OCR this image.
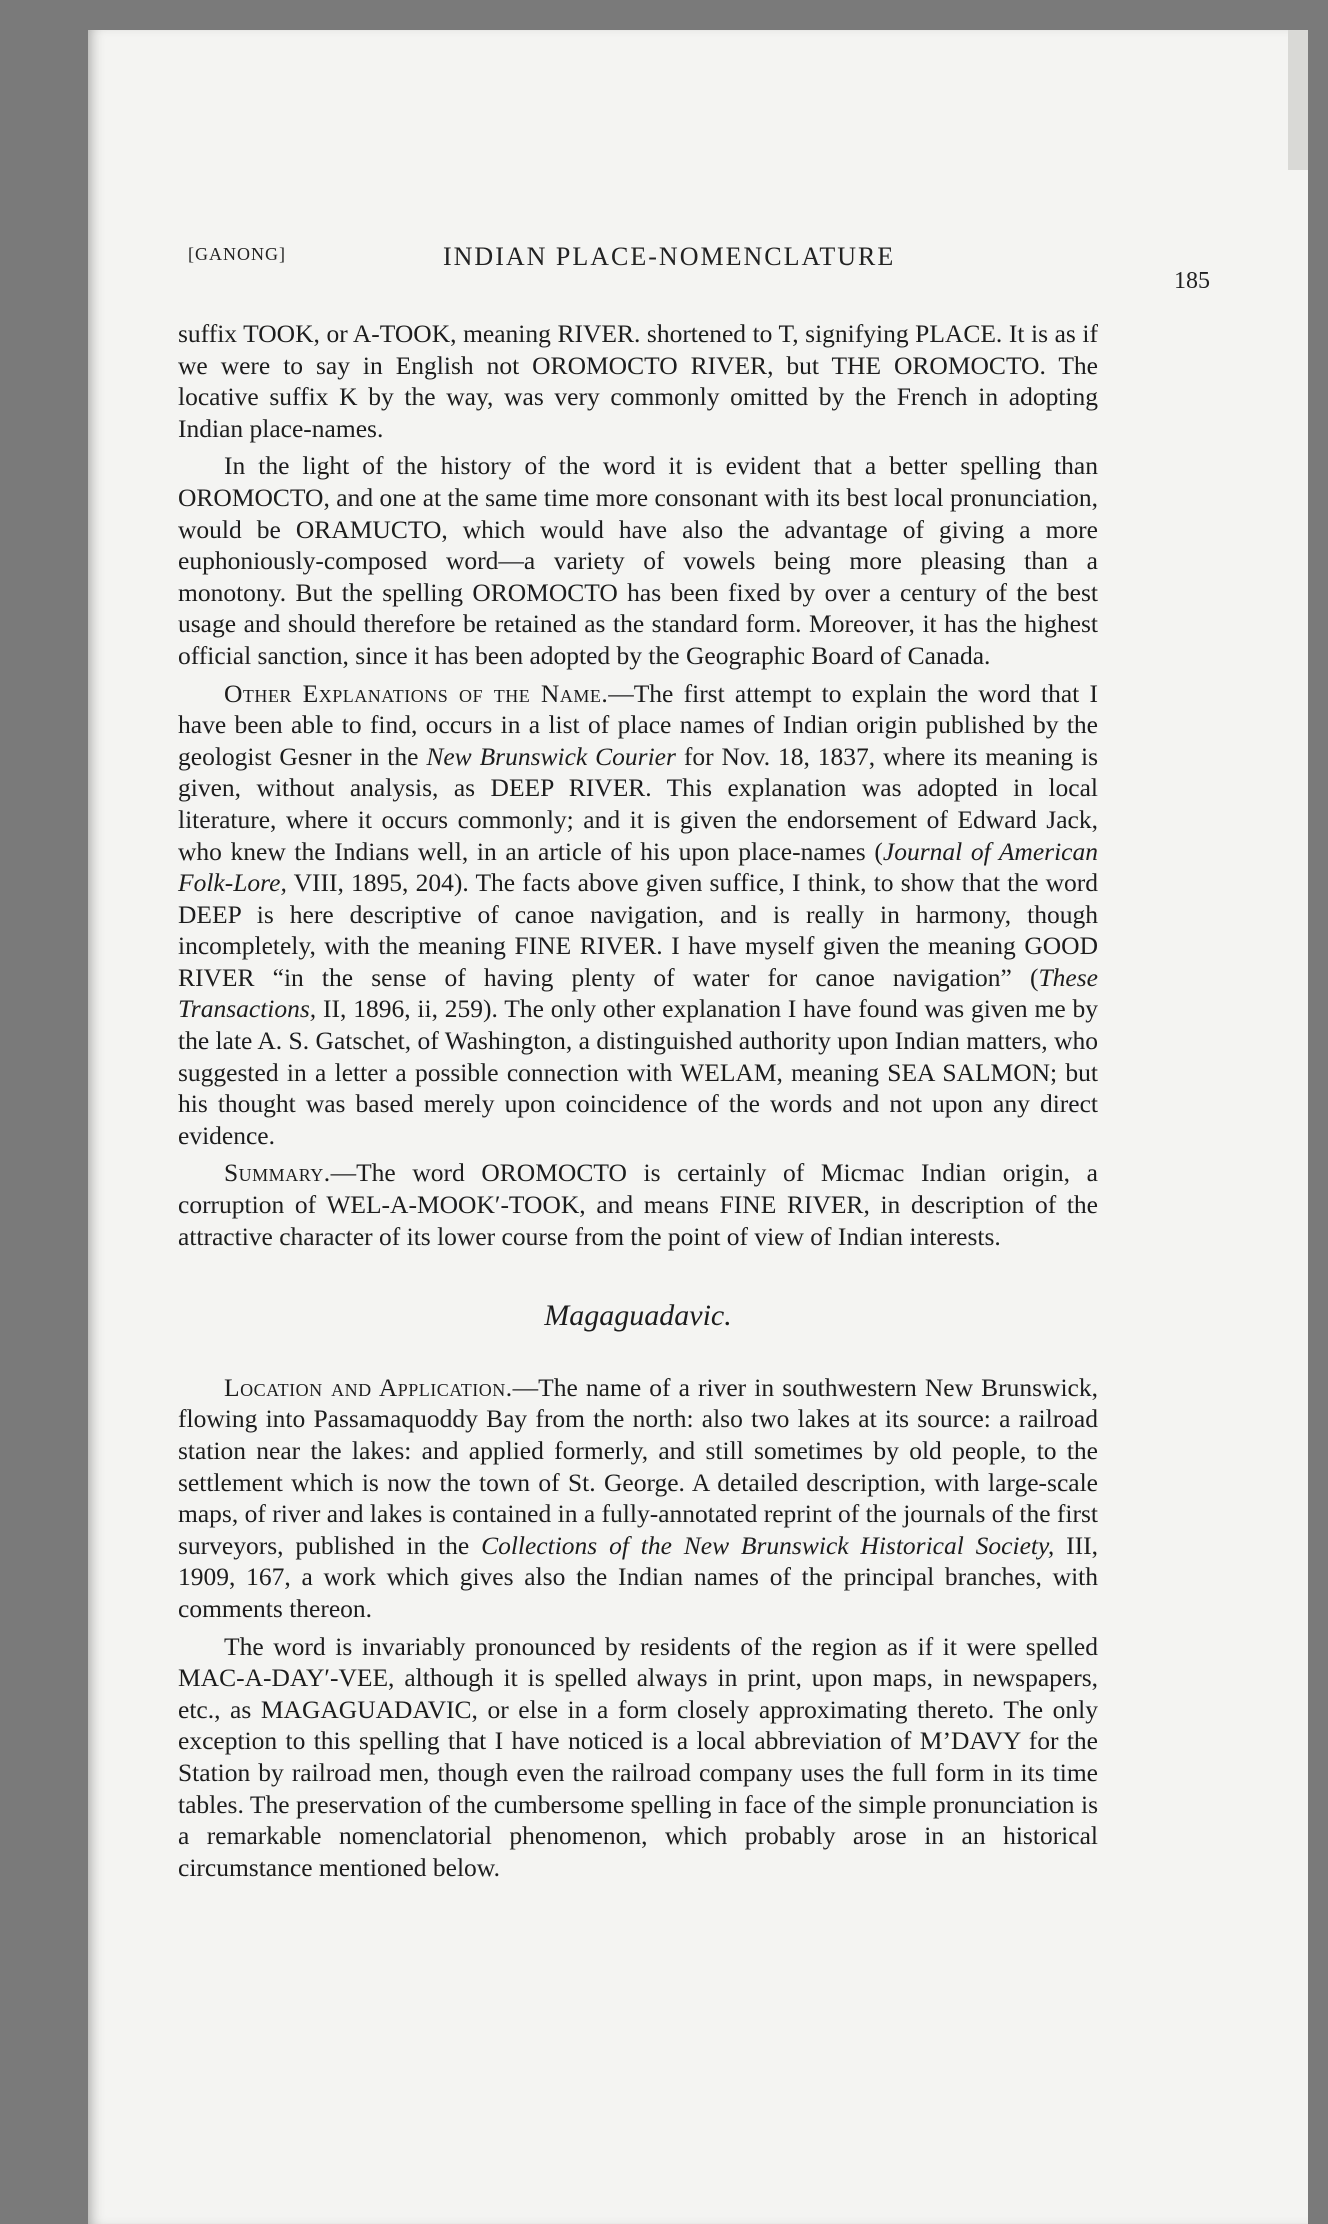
[GANONG]	INDIAN PLACE-NOMENCLATURE
185

suffix TOOK, or A-TOOK, meaning RIVER. shortened to T, signifying PLACE. It is as if we were to say in English not OROMOCTO RIVER, but THE OROMOCTO. The locative suffix K by the way, was very commonly omitted by the French in adopting Indian place-names.

In the light of the history of the word it is evident that a better spelling than OROMOCTO, and one at the same time more consonant with its best local pronunciation, would be ORAMUCTO, which would have also the advantage of giving a more euphoniously-composed word—a variety of vowels being more pleasing than a monotony. But the spelling OROMOCTO has been fixed by over a century of the best usage and should therefore be retained as the standard form. Moreover, it has the highest official sanction, since it has been adopted by the Geographic Board of Canada.

Other Explanations of the Name.—The first attempt to explain the word that I have been able to find, occurs in a list of place names of Indian origin published by the geologist Gesner in the New Brunswick Courier for Nov. 18, 1837, where its meaning is given, without analysis, as DEEP RIVER. This explanation was adopted in local literature, where it occurs commonly; and it is given the endorsement of Edward Jack, who knew the Indians well, in an article of his upon place-names (Journal of American Folk-Lore, VIII, 1895, 204). The facts above given suffice, I think, to show that the word DEEP is here descriptive of canoe navigation, and is really in harmony, though incompletely, with the meaning FINE RIVER. I have myself given the meaning GOOD RIVER “in the sense of having plenty of water for canoe navigation” (These Transactions, II, 1896, ii, 259). The only other explanation I have found was given me by the late A. S. Gatschet, of Washington, a distinguished authority upon Indian matters, who suggested in a letter a possible connection with WELAM, meaning SEA SALMON; but his thought was based merely upon coincidence of the words and not upon any direct evidence.

Summary.—The word OROMOCTO is certainly of Micmac Indian origin, a corruption of WEL-A-MOOK′-TOOK, and means FINE RIVER, in description of the attractive character of its lower course from the point of view of Indian interests.

Magaguadavic.

Location and Application.—The name of a river in southwestern New Brunswick, flowing into Passamaquoddy Bay from the north: also two lakes at its source: a railroad station near the lakes: and applied formerly, and still sometimes by old people, to the settlement which is now the town of St. George. A detailed description, with large-scale maps, of river and lakes is contained in a fully-annotated reprint of the journals of the first surveyors, published in the Collections of the New Brunswick Historical Society, III, 1909, 167, a work which gives also the Indian names of the principal branches, with comments thereon.

The word is invariably pronounced by residents of the region as if it were spelled MAC-A-DAY′-VEE, although it is spelled always in print, upon maps, in newspapers, etc., as MAGAGUADAVIC, or else in a form closely approximating thereto. The only exception to this spelling that I have noticed is a local abbreviation of M’DAVY for the Station by railroad men, though even the railroad company uses the full form in its time tables. The preservation of the cumbersome spelling in face of the simple pronunciation is a remarkable nomenclatorial phenomenon, which probably arose in an historical circumstance mentioned below.
